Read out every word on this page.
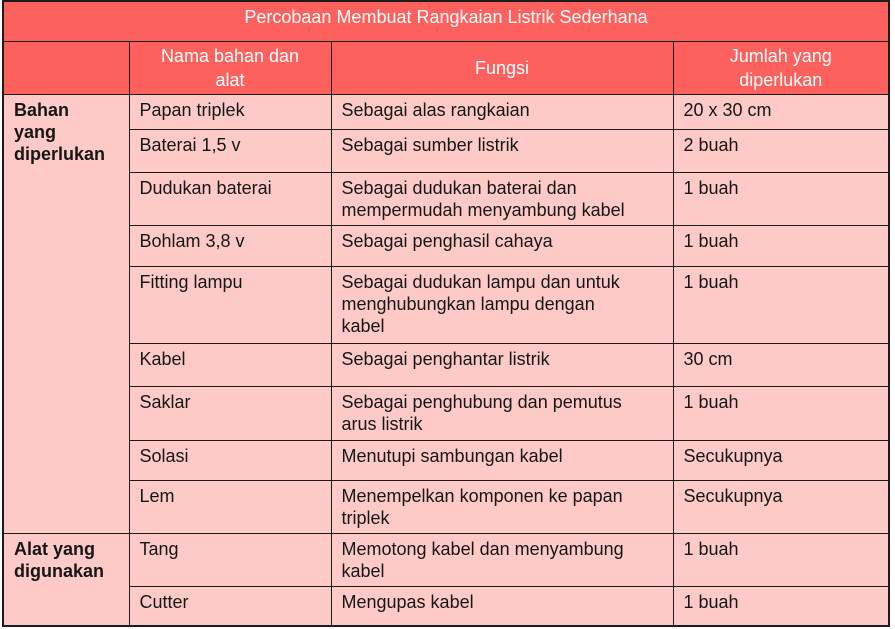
Percobaan Membuat Rangkaian Listrik Sederhana			

	Nama bahan dan alat	Fungsi	Jumlah yang diperlukan

Bahan yang diperlukan	Papan triplek	Sebagai alas rangkaian	20 x 30 cm

	Baterai 1,5 v	Sebagai sumber listrik	2 buah

	Dudukan baterai	Sebagai dudukan baterai dan mempermudah menyambung kabel	1 buah

	Bohlam 3,8 v	Sebagai penghasil cahaya	1 buah

	Fitting lampu	Sebagai dudukan lampu dan untuk menghubungkan lampu dengan kabel	1 buah

	Kabel	Sebagai penghantar listrik	30 cm

	Saklar	Sebagai penghubung dan pemutus arus listrik	1 buah

	Solasi	Menutupi sambungan kabel	Secukupnya

	Lem	Menempelkan komponen ke papan triplek	Secukupnya

Alat yang digunakan	Tang	Memotong kabel dan menyambung kabel	1 buah

	Cutter	Mengupas kabel	1 buah
